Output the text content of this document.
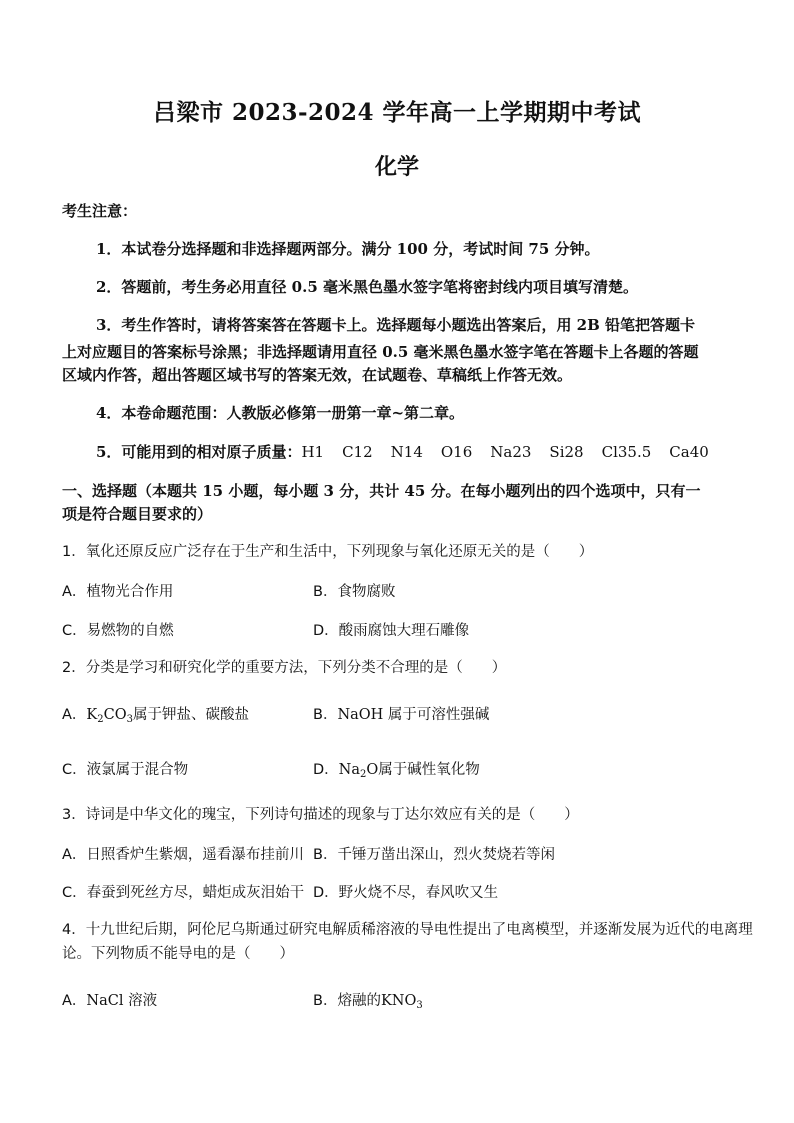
吕梁市 2023-2024 学年高一上学期期中考试
化学
考生注意：
1．本试卷分选择题和非选择题两部分。满分 100 分，考试时间 75 分钟。
2．答题前，考生务必用直径 0.5 毫米黑色墨水签字笔将密封线内项目填写清楚。
3．考生作答时，请将答案答在答题卡上。选择题每小题选出答案后，用 2B 铅笔把答题卡
上对应题目的答案标号涂黑；非选择题请用直径 0.5 毫米黑色墨水签字笔在答题卡上各题的答题
区域内作答，超出答题区域书写的答案无效，在试题卷、草稿纸上作答无效。
4．本卷命题范围：人教版必修第一册第一章~第二章。
5．可能用到的相对原子质量：H1 C12 N14 O16 Na23 Si28 Cl35.5 Ca40
一、选择题（本题共 15 小题，每小题 3 分，共计 45 分。在每小题列出的四个选项中，只有一
项是符合题目要求的）
1．氧化还原反应广泛存在于生产和生活中，下列现象与氧化还原无关的是（　　）
A．植物光合作用	B．食物腐败
C．易燃物的自燃	D．酸雨腐蚀大理石雕像
2．分类是学习和研究化学的重要方法，下列分类不合理的是（　　）
A．$K_2CO_3$属于钾盐、碳酸盐	B．NaOH 属于可溶性强碱
C．液氯属于混合物	D．$Na_2O$属于碱性氧化物
3．诗词是中华文化的瑰宝，下列诗句描述的现象与丁达尔效应有关的是（　　）
A．日照香炉生紫烟，遥看瀑布挂前川 B．千锤万凿出深山，烈火焚烧若等闲
C．春蚕到死丝方尽，蜡炬成灰泪始干 D．野火烧不尽，春风吹又生
4．十九世纪后期，阿伦尼乌斯通过研究电解质稀溶液的导电性提出了电离模型，并逐渐发展为近代的电离理
论。下列物质不能导电的是（　　）
A．NaCl 溶液	B．熔融的$KNO_3$
